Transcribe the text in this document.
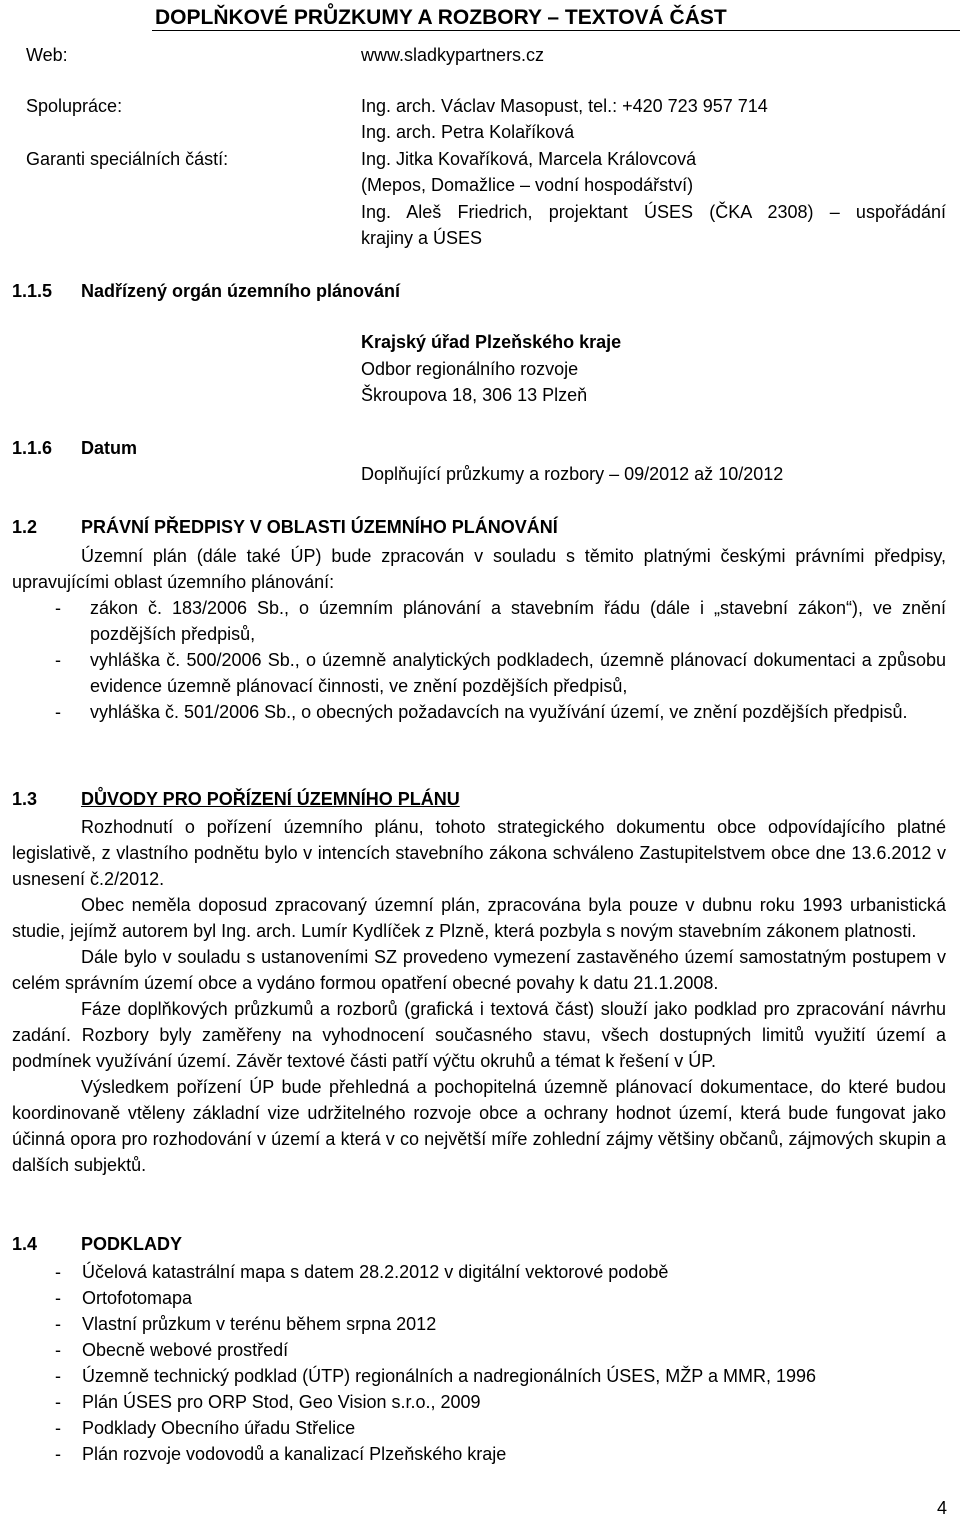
DOPLŇKOVÉ PRŮZKUMY A ROZBORY – TEXTOVÁ ČÁST
Web:	www.sladkypartners.cz
Spolupráce:	Ing. arch. Václav Masopust, tel.: +420 723 957 714
Ing. arch. Petra Kolaříková
Garanti speciálních částí:	Ing. Jitka Kovaříková, Marcela Královcová
(Mepos, Domažlice – vodní hospodářství)
Ing. Aleš Friedrich, projektant ÚSES (ČKA 2308) – uspořádání
krajiny a ÚSES
1.1.5 Nadřízený orgán územního plánování
Krajský úřad Plzeňského kraje
Odbor regionálního rozvoje
Škroupova 18, 306 13 Plzeň
1.1.6 Datum
Doplňující průzkumy a rozbory – 09/2012 až 10/2012
1.2 PRÁVNÍ PŘEDPISY V OBLASTI ÚZEMNÍHO PLÁNOVÁNÍ
Územní plán (dále také ÚP) bude zpracován v souladu s těmito platnými českými právními předpisy, upravujícími oblast územního plánování:
- zákon č. 183/2006 Sb., o územním plánování a stavebním řádu (dále i „stavební zákon“), ve znění pozdějších předpisů,
- vyhláška č. 500/2006 Sb., o územně analytických podkladech, územně plánovací dokumentaci a způsobu evidence územně plánovací činnosti, ve znění pozdějších předpisů,
- vyhláška č. 501/2006 Sb., o obecných požadavcích na využívání území, ve znění pozdějších předpisů.
1.3 DŮVODY PRO POŘÍZENÍ ÚZEMNÍHO PLÁNU
Rozhodnutí o pořízení územního plánu, tohoto strategického dokumentu obce odpovídajícího platné legislativě, z vlastního podnětu bylo v intencích stavebního zákona schváleno Zastupitelstvem obce dne 13.6.2012 v usnesení č.2/2012.
Obec neměla doposud zpracovaný územní plán, zpracována byla pouze v dubnu roku 1993 urbanistická studie, jejímž autorem byl Ing. arch. Lumír Kydlíček z Plzně, která pozbyla s novým stavebním zákonem platnosti.
Dále bylo v souladu s ustanoveními SZ provedeno vymezení zastavěného území samostatným postupem v celém správním území obce a vydáno formou opatření obecné povahy k datu 21.1.2008.
Fáze doplňkových průzkumů a rozborů (grafická i textová část) slouží jako podklad pro zpracování návrhu zadání. Rozbory byly zaměřeny na vyhodnocení současného stavu, všech dostupných limitů využití území a podmínek využívání území. Závěr textové části patří výčtu okruhů a témat k řešení v ÚP.
Výsledkem pořízení ÚP bude přehledná a pochopitelná územně plánovací dokumentace, do které budou koordinovaně vtěleny základní vize udržitelného rozvoje obce a ochrany hodnot území, která bude fungovat jako účinná opora pro rozhodování v území a která v co největší míře zohlední zájmy většiny občanů, zájmových skupin a dalších subjektů.
1.4 PODKLADY
- Účelová katastrální mapa s datem 28.2.2012 v digitální vektorové podobě
- Ortofotomapa
- Vlastní průzkum v terénu během srpna 2012
- Obecně webové prostředí
- Územně technický podklad (ÚTP) regionálních a nadregionálních ÚSES, MŽP a MMR, 1996
- Plán ÚSES pro ORP Stod, Geo Vision s.r.o., 2009
- Podklady Obecního úřadu Střelice
- Plán rozvoje vodovodů a kanalizací Plzeňského kraje
4
